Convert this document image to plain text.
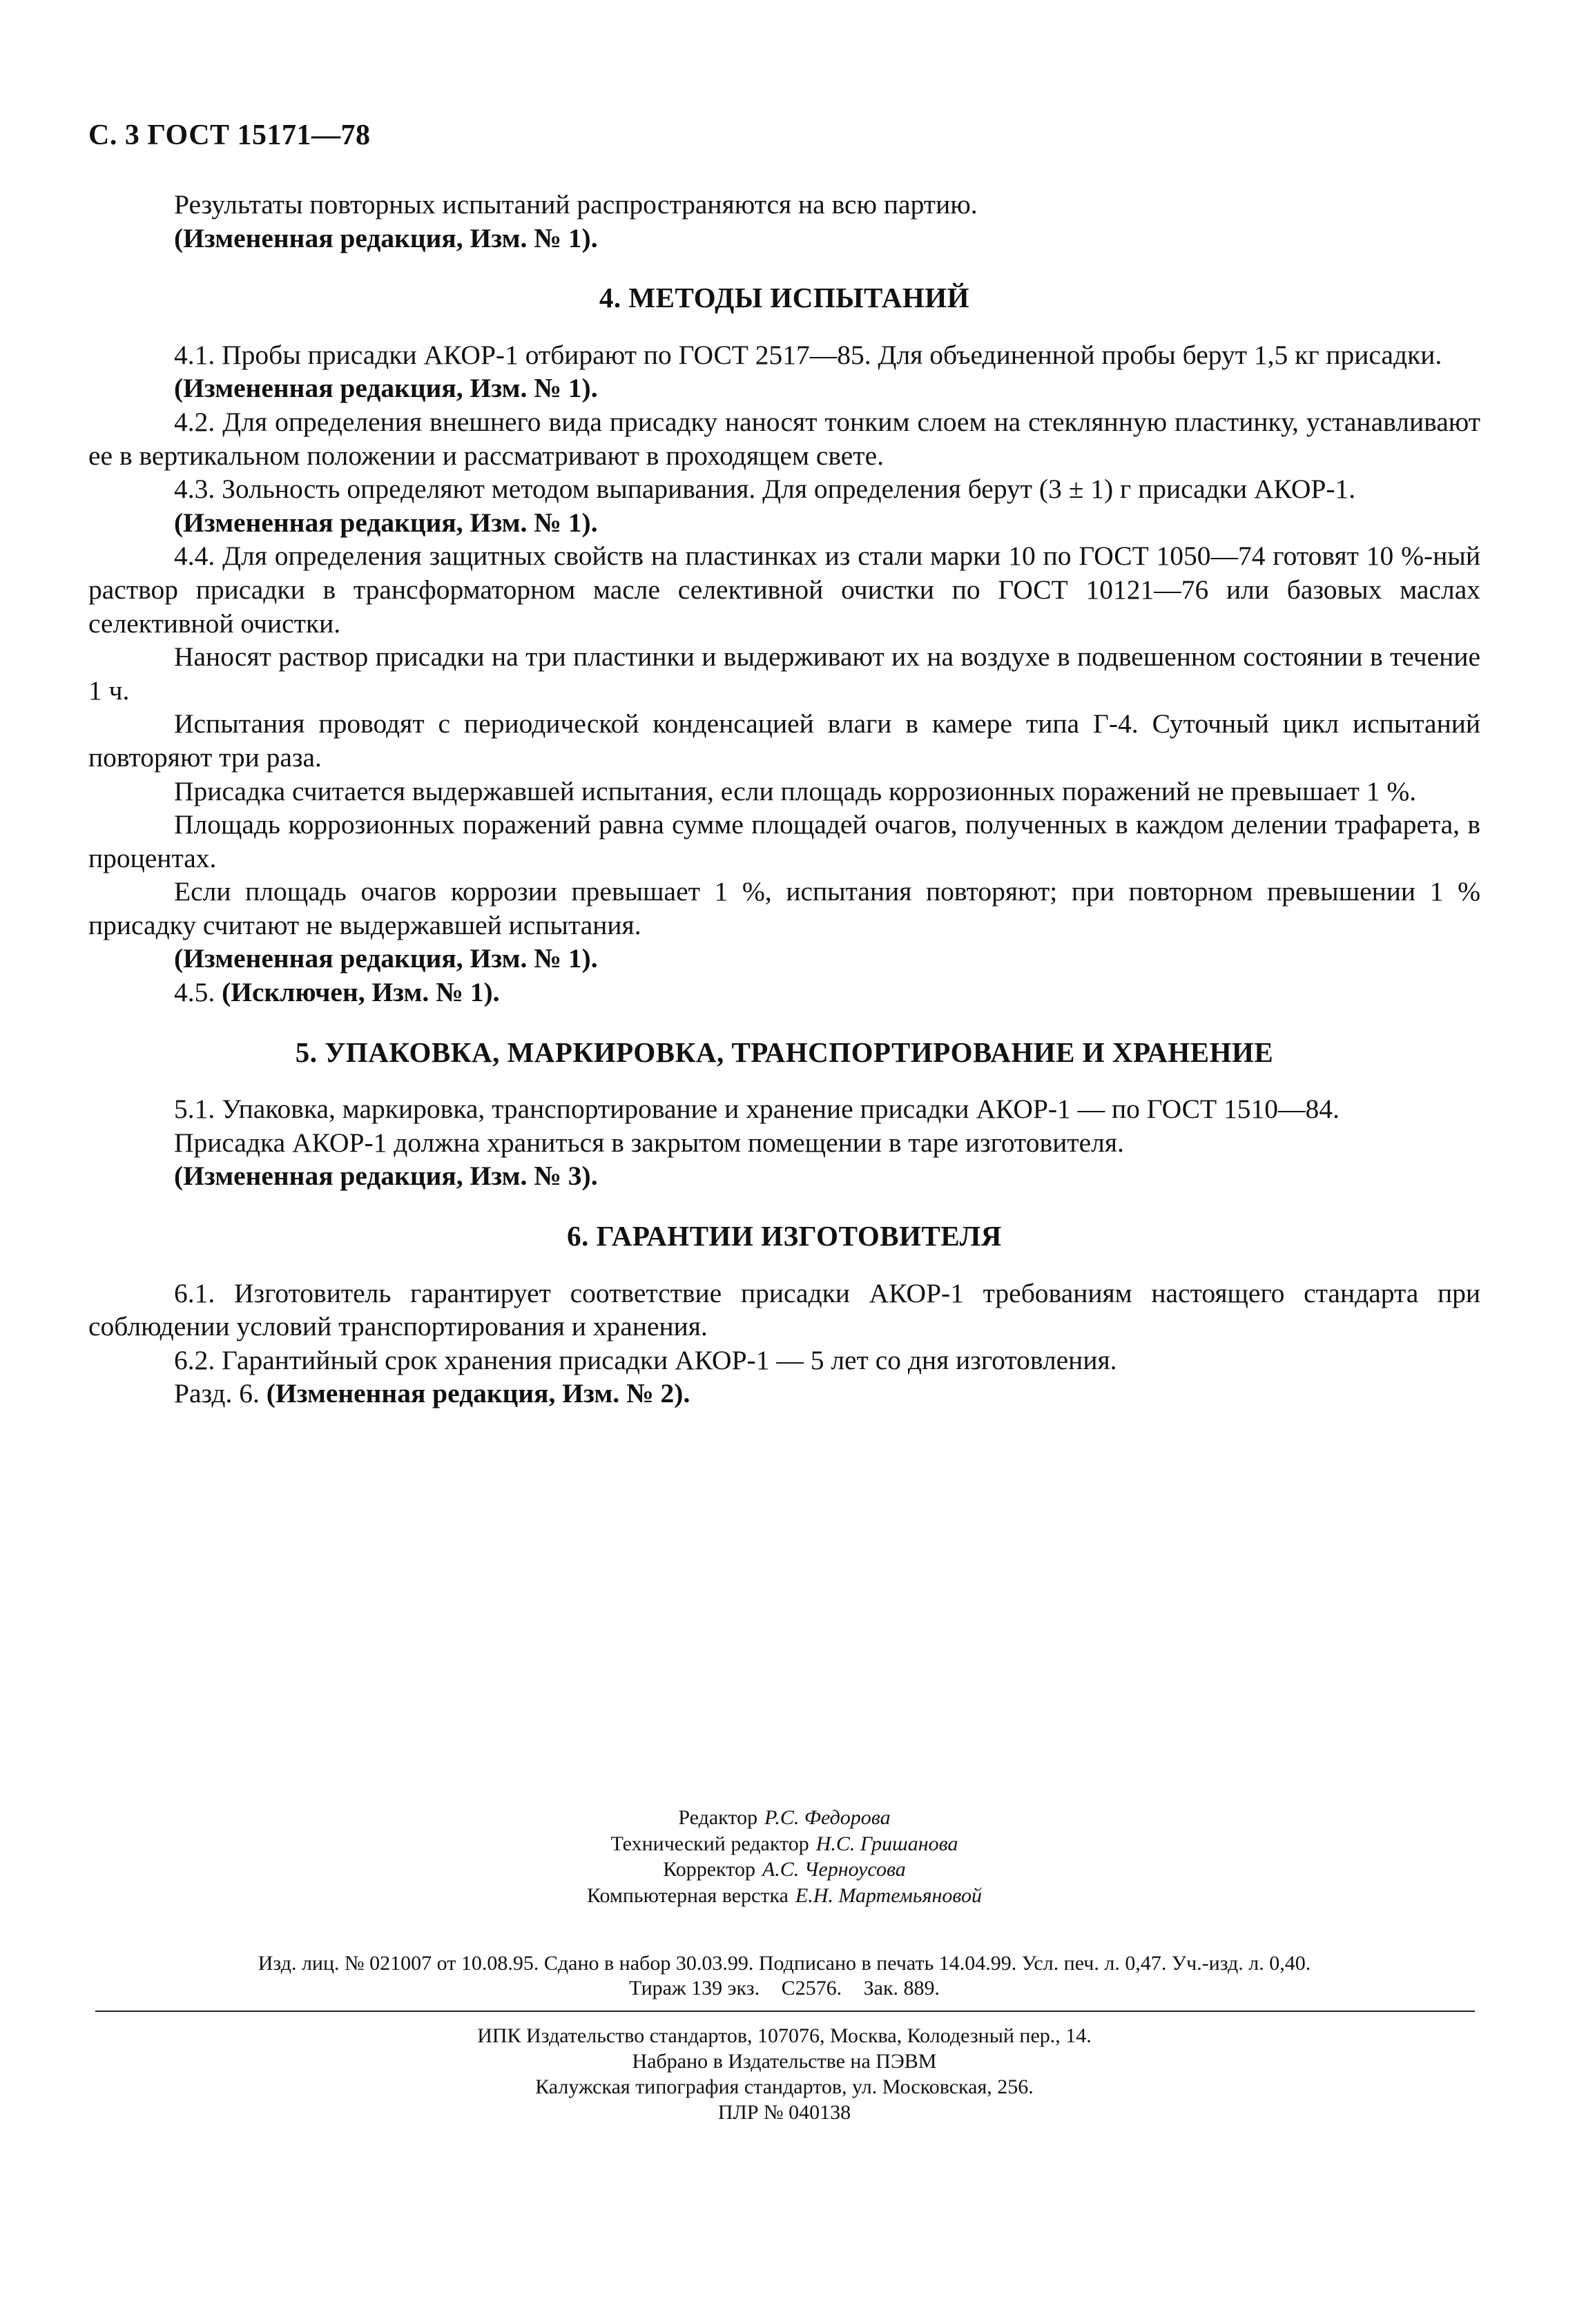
С. 3 ГОСТ 15171—78

Результаты повторных испытаний распространяются на всю партию.

(Измененная редакция, Изм. № 1).

4. МЕТОДЫ ИСПЫТАНИЙ

4.1. Пробы присадки АКОР-1 отбирают по ГОСТ 2517—85. Для объединенной пробы берут 1,5 кг присадки.

(Измененная редакция, Изм. № 1).

4.2. Для определения внешнего вида присадку наносят тонким слоем на стеклянную пластинку, устанавливают ее в вертикальном положении и рассматривают в проходящем свете.

4.3. Зольность определяют методом выпаривания. Для определения берут (3 ± 1) г присадки АКОР-1.

(Измененная редакция, Изм. № 1).

4.4. Для определения защитных свойств на пластинках из стали марки 10 по ГОСТ 1050—74 готовят 10 %-ный раствор присадки в трансформаторном масле селективной очистки по ГОСТ 10121—76 или базовых маслах селективной очистки.

Наносят раствор присадки на три пластинки и выдерживают их на воздухе в подвешенном состоянии в течение 1 ч.

Испытания проводят с периодической конденсацией влаги в камере типа Г-4. Суточный цикл испытаний повторяют три раза.

Присадка считается выдержавшей испытания, если площадь коррозионных поражений не превышает 1 %.

Площадь коррозионных поражений равна сумме площадей очагов, полученных в каждом делении трафарета, в процентах.

Если площадь очагов коррозии превышает 1 %, испытания повторяют; при повторном превышении 1 % присадку считают не выдержавшей испытания.

(Измененная редакция, Изм. № 1).

4.5. (Исключен, Изм. № 1).

5. УПАКОВКА, МАРКИРОВКА, ТРАНСПОРТИРОВАНИЕ И ХРАНЕНИЕ

5.1. Упаковка, маркировка, транспортирование и хранение присадки АКОР-1 — по ГОСТ 1510—84.

Присадка АКОР-1 должна храниться в закрытом помещении в таре изготовителя.

(Измененная редакция, Изм. № 3).

6. ГАРАНТИИ ИЗГОТОВИТЕЛЯ

6.1. Изготовитель гарантирует соответствие присадки АКОР-1 требованиям настоящего стандарта при соблюдении условий транспортирования и хранения.

6.2. Гарантийный срок хранения присадки АКОР-1 — 5 лет со дня изготовления.

Разд. 6. (Измененная редакция, Изм. № 2).

Редактор Р.С. Федорова
Технический редактор Н.С. Гришанова
Корректор А.С. Черноусова
Компьютерная верстка Е.Н. Мартемьяновой
Изд. лиц. № 021007 от 10.08.95. Сдано в набор 30.03.99. Подписано в печать 14.04.99. Усл. печ. л. 0,47. Уч.-изд. л. 0,40.
Тираж 139 экз. С2576. Зак. 889.
ИПК Издательство стандартов, 107076, Москва, Колодезный пер., 14.
Набрано в Издательстве на ПЭВМ
Калужская типография стандартов, ул. Московская, 256.
ПЛР № 040138
